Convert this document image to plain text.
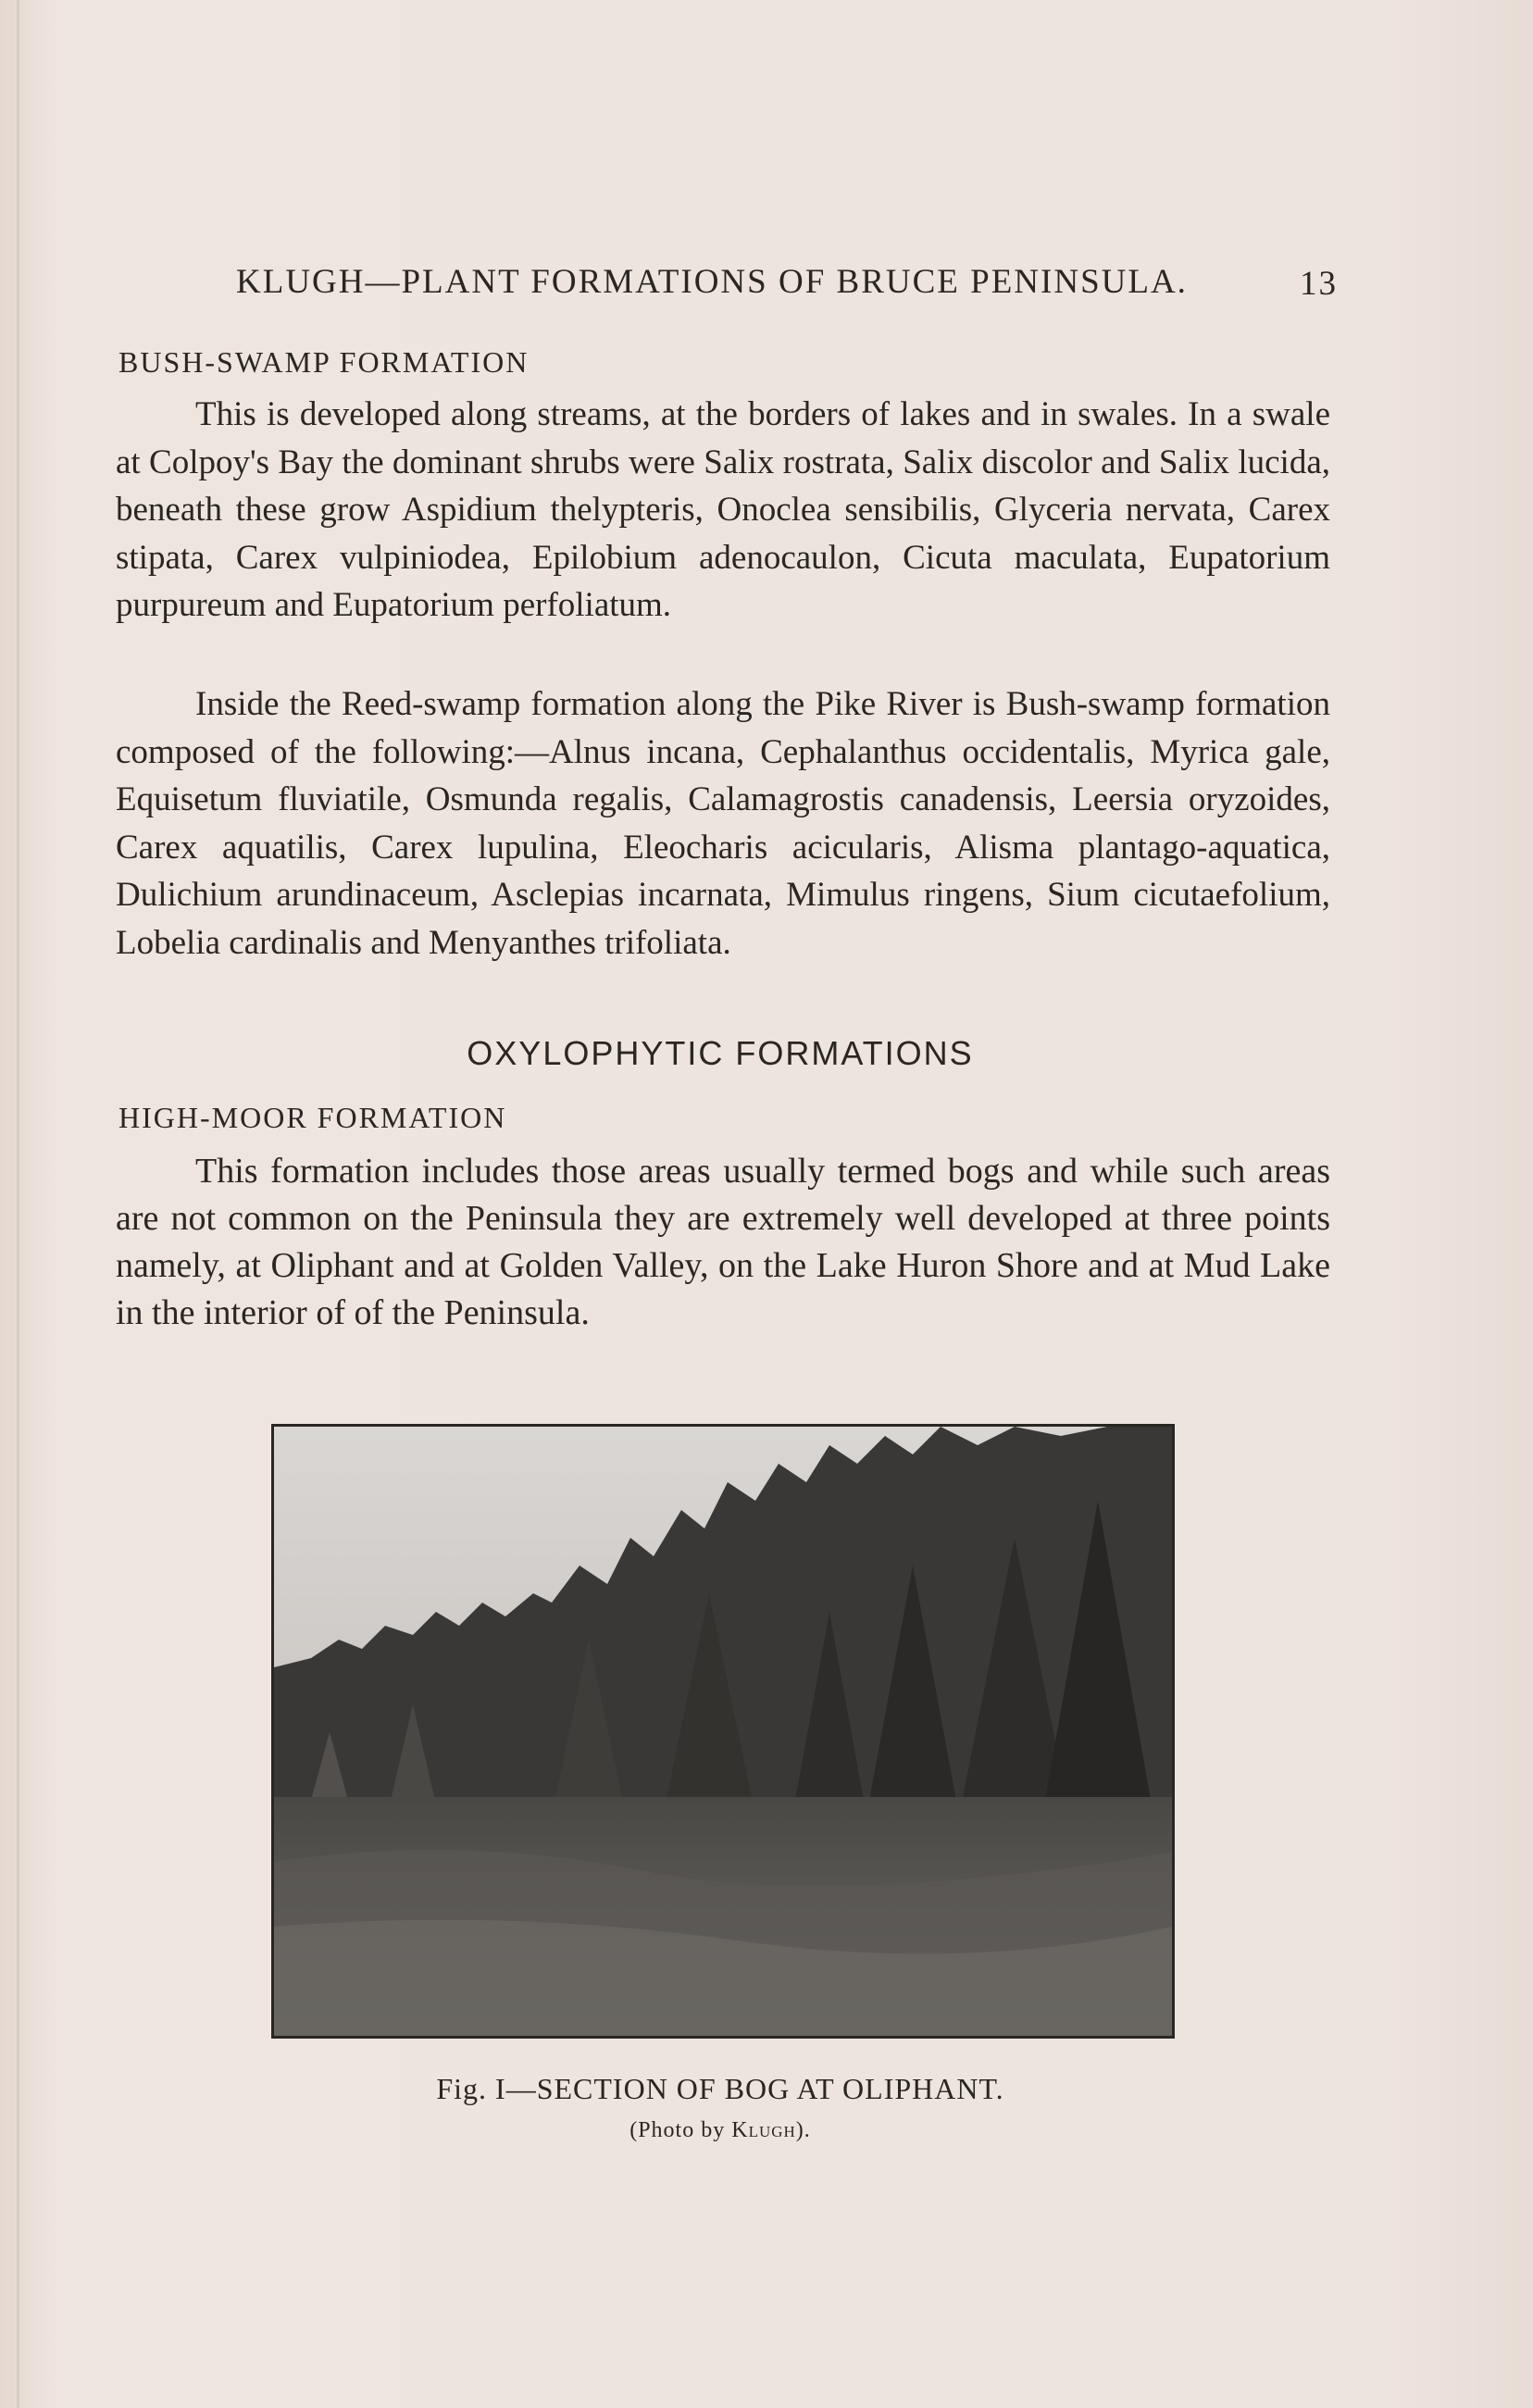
KLUGH—PLANT FORMATIONS OF BRUCE PENINSULA.	13
BUSH-SWAMP FORMATION

This is developed along streams, at the borders of lakes and in swales. In a swale at Colpoy's Bay the dominant shrubs were Salix rostrata, Salix discolor and Salix lucida, beneath these grow Aspidium thelypteris, Onoclea sensibilis, Glyceria nervata, Carex stipata, Carex vulpiniodea, Epilobium adenocaulon, Cicuta maculata, Eupatorium purpureum and Eupatorium perfoliatum.

Inside the Reed-swamp formation along the Pike River is Bush-swamp formation composed of the following:—Alnus incana, Cephalanthus occidentalis, Myrica gale, Equisetum fluviatile, Osmunda regalis, Calamagrostis canadensis, Leersia oryzoides, Carex aquatilis, Carex lupulina, Eleocharis acicularis, Alisma plantago-aquatica, Dulichium arundinaceum, Asclepias incarnata, Mimulus ringens, Sium cicutaefolium, Lobelia cardinalis and Menyanthes trifoliata.

OXYLOPHYTIC FORMATIONS
HIGH-MOOR FORMATION

This formation includes those areas usually termed bogs and while such areas are not common on the Peninsula they are extremely well developed at three points namely, at Oliphant and at Golden Valley, on the Lake Huron Shore and at Mud Lake in the interior of of the Peninsula.

Fig. I—SECTION OF BOG AT OLIPHANT.
(Photo by Klugh).
